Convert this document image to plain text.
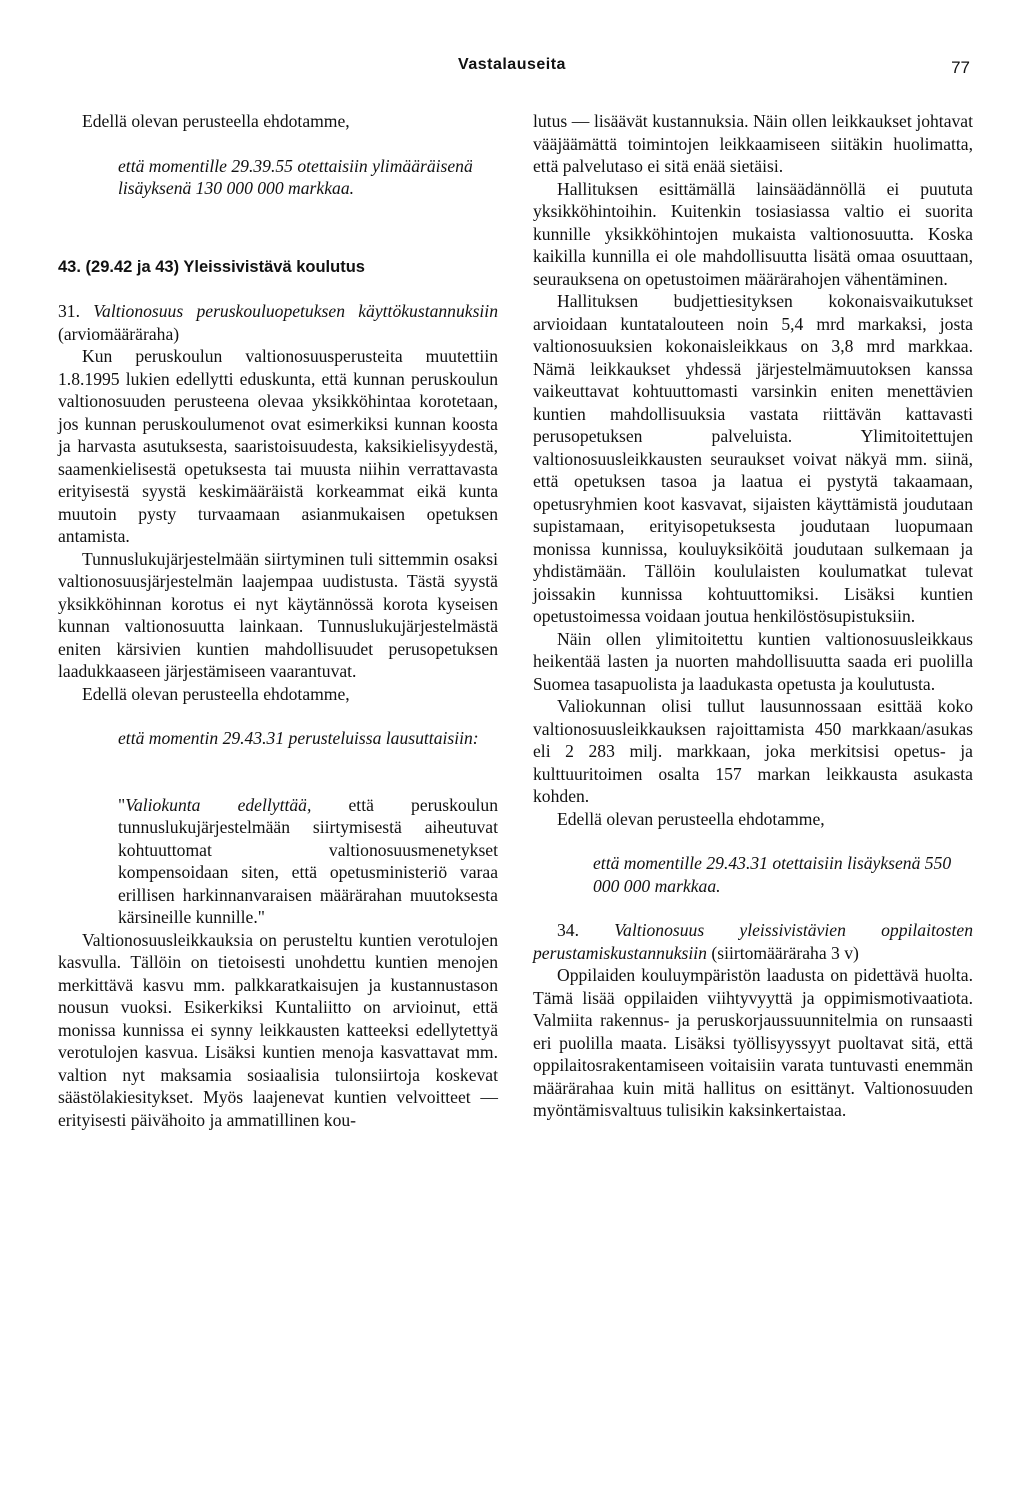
Vastalauseita	77

Edellä olevan perusteella ehdotamme,

että momentille 29.39.55 otettaisiin ylimääräisenä lisäyksenä 130 000 000 markkaa.

43. (29.42 ja 43) Yleissivistävä koulutus

31. Valtionosuus peruskouluopetuksen käyttökustannuksiin (arviomääräraha)

Kun peruskoulun valtionosuusperusteita muutettiin 1.8.1995 lukien edellytti eduskunta, että kunnan peruskoulun valtionosuuden perusteena olevaa yksikköhintaa korotetaan, jos kunnan peruskoulumenot ovat esimerkiksi kunnan koosta ja harvasta asutuksesta, saaristoisuudesta, kaksikielisyydestä, saamenkielisestä opetuksesta tai muusta niihin verrattavasta erityisestä syystä keskimääräistä korkeammat eikä kunta muutoin pysty turvaamaan asianmukaisen opetuksen antamista.

Tunnuslukujärjestelmään siirtyminen tuli sittemmin osaksi valtionosuusjärjestelmän laajempaa uudistusta. Tästä syystä yksikköhinnan korotus ei nyt käytännössä korota kyseisen kunnan valtionosuutta lainkaan. Tunnuslukujärjestelmästä eniten kärsivien kuntien mahdollisuudet perusopetuksen laadukkaaseen järjestämiseen vaarantuvat.

Edellä olevan perusteella ehdotamme,

että momentin 29.43.31 perusteluissa lausuttaisiin:

"Valiokunta edellyttää, että peruskoulun tunnuslukujärjestelmään siirtymisestä aiheutuvat kohtuuttomat valtionosuusmenetykset kompensoidaan siten, että opetusministeriö varaa erillisen harkinnanvaraisen määrärahan muutoksesta kärsineille kunnille."

Valtionosuusleikkauksia on perusteltu kuntien verotulojen kasvulla. Tällöin on tietoisesti unohdettu kuntien menojen merkittävä kasvu mm. palkkaratkaisujen ja kustannustason nousun vuoksi. Esikerkiksi Kuntaliitto on arvioinut, että monissa kunnissa ei synny leikkausten katteeksi edellytettyä verotulojen kasvua. Lisäksi kuntien menoja kasvattavat mm. valtion nyt maksamia sosiaalisia tulonsiirtoja koskevat säästölakiesitykset. Myös laajenevat kuntien velvoitteet — erityisesti päivähoito ja ammatillinen kou-

lutus — lisäävät kustannuksia. Näin ollen leikkaukset johtavat vääjäämättä toimintojen leikkaamiseen siitäkin huolimatta, että palvelutaso ei sitä enää sietäisi.

Hallituksen esittämällä lainsäädännöllä ei puututa yksikköhintoihin. Kuitenkin tosiasiassa valtio ei suorita kunnille yksikköhintojen mukaista valtionosuutta. Koska kaikilla kunnilla ei ole mahdollisuutta lisätä omaa osuuttaan, seurauksena on opetustoimen määrärahojen vähentäminen.

Hallituksen budjettiesityksen kokonaisvaikutukset arvioidaan kuntatalouteen noin 5,4 mrd markaksi, josta valtionosuuksien kokonaisleikkaus on 3,8 mrd markkaa. Nämä leikkaukset yhdessä järjestelmämuutoksen kanssa vaikeuttavat kohtuuttomasti varsinkin eniten menettävien kuntien mahdollisuuksia vastata riittävän kattavasti perusopetuksen palveluista. Ylimitoitettujen valtionosuusleikkausten seuraukset voivat näkyä mm. siinä, että opetuksen tasoa ja laatua ei pystytä takaamaan, opetusryhmien koot kasvavat, sijaisten käyttämistä joudutaan supistamaan, erityisopetuksesta joudutaan luopumaan monissa kunnissa, kouluyksiköitä joudutaan sulkemaan ja yhdistämään. Tällöin koululaisten koulumatkat tulevat joissakin kunnissa kohtuuttomiksi. Lisäksi kuntien opetustoimessa voidaan joutua henkilöstösupistuksiin.

Näin ollen ylimitoitettu kuntien valtionosuusleikkaus heikentää lasten ja nuorten mahdollisuutta saada eri puolilla Suomea tasapuolista ja laadukasta opetusta ja koulutusta.

Valiokunnan olisi tullut lausunnossaan esittää koko valtionosuusleikkauksen rajoittamista 450 markkaan/asukas eli 2 283 milj. markkaan, joka merkitsisi opetus- ja kulttuuritoimen osalta 157 markan leikkausta asukasta kohden.

Edellä olevan perusteella ehdotamme,

että momentille 29.43.31 otettaisiin lisäyksenä 550 000 000 markkaa.

34. Valtionosuus yleissivistävien oppilaitosten perustamiskustannuksiin (siirtomääräraha 3 v)

Oppilaiden kouluympäristön laadusta on pidettävä huolta. Tämä lisää oppilaiden viihtyvyyttä ja oppimismotivaatiota. Valmiita rakennus- ja peruskorjaussuunnitelmia on runsaasti eri puolilla maata. Lisäksi työllisyyssyyt puoltavat sitä, että oppilaitosrakentamiseen voitaisiin varata tuntuvasti enemmän määrärahaa kuin mitä hallitus on esittänyt. Valtionosuuden myöntämisvaltuus tulisikin kaksinkertaistaa.
